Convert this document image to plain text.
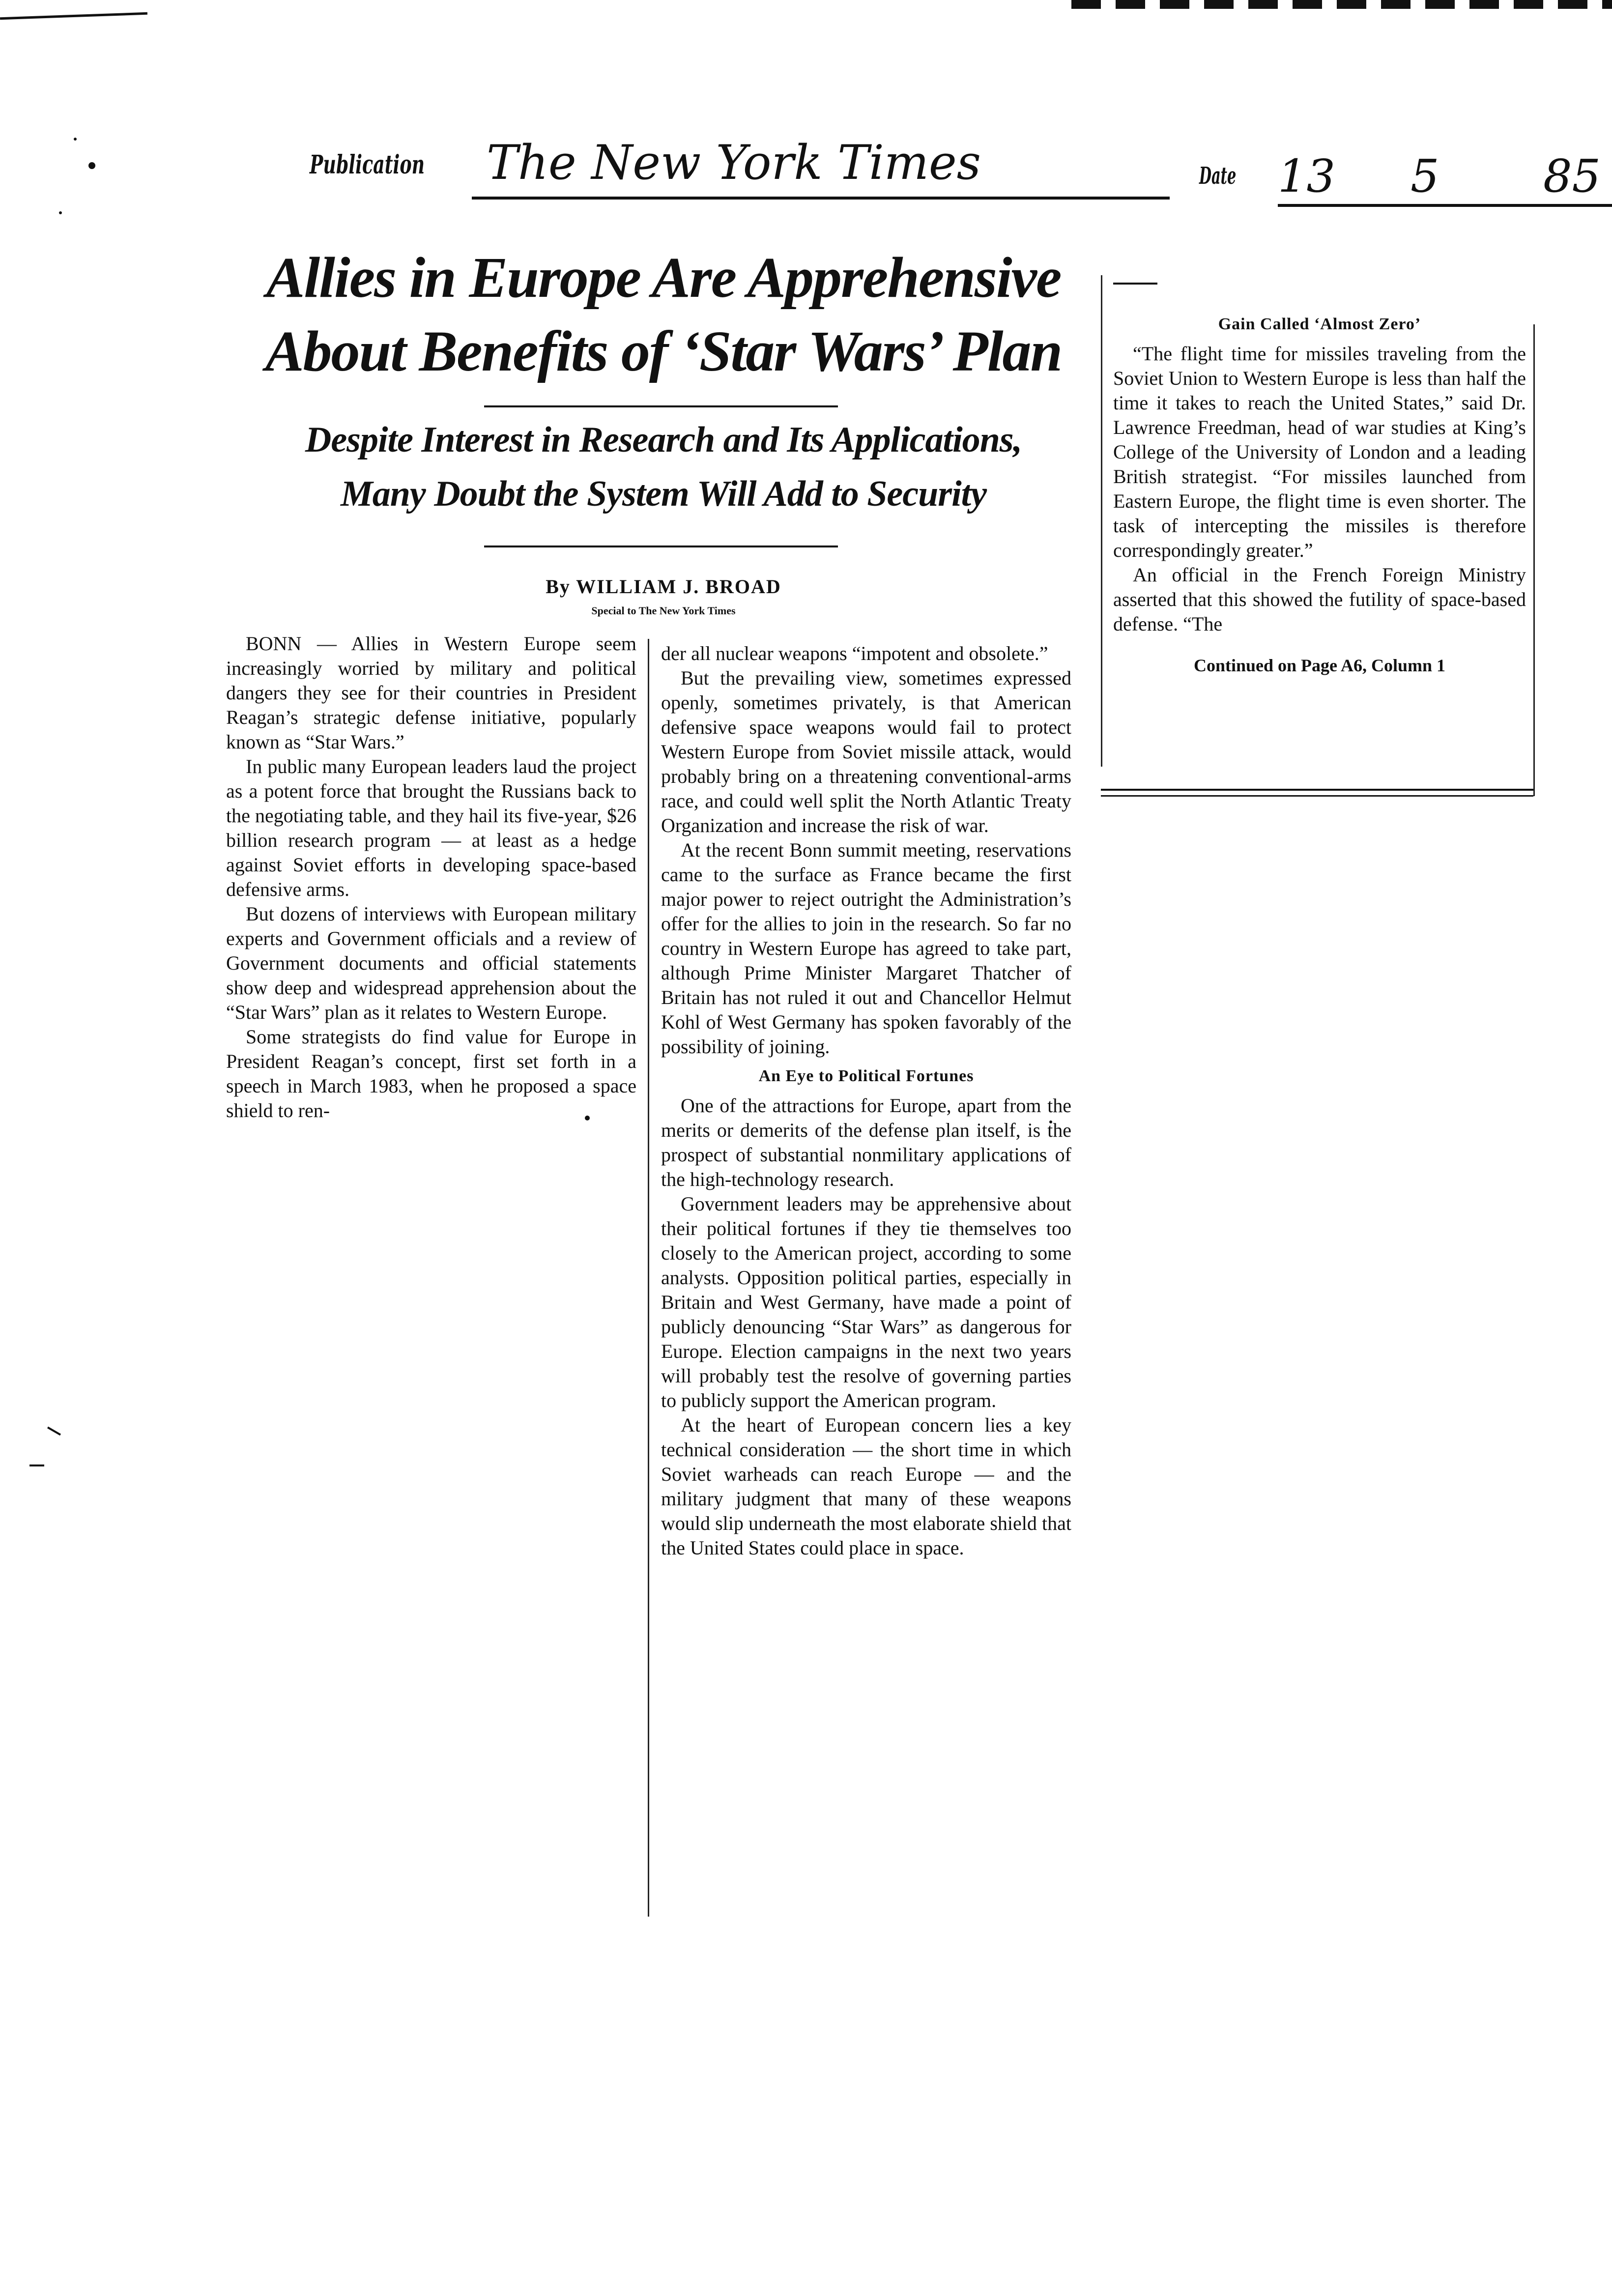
Publication The New York Times	Date 13 5 85
Allies in Europe Are Apprehensive
About Benefits of ‘Star Wars’ Plan
Despite Interest in Research and Its Applications,
Many Doubt the System Will Add to Security
By WILLIAM J. BROAD
Special to The New York Times

BONN — Allies in Western Europe seem increasingly worried by military and political dangers they see for their countries in President Reagan’s strategic defense initiative, popularly known as “Star Wars.”

In public many European leaders laud the project as a potent force that brought the Russians back to the negotiating table, and they hail its five-year, $26 billion research program — at least as a hedge against Soviet efforts in developing space-based defensive arms.

But dozens of interviews with European military experts and Government officials and a review of Government documents and official statements show deep and widespread apprehension about the “Star Wars” plan as it relates to Western Europe.

Some strategists do find value for Europe in President Reagan’s concept, first set forth in a speech in March 1983, when he proposed a space shield to ren-

der all nuclear weapons “impotent and obsolete.”

But the prevailing view, sometimes expressed openly, sometimes privately, is that American defensive space weapons would fail to protect Western Europe from Soviet missile attack, would probably bring on a threatening conventional-arms race, and could well split the North Atlantic Treaty Organization and increase the risk of war.

At the recent Bonn summit meeting, reservations came to the surface as France became the first major power to reject outright the Administration’s offer for the allies to join in the research. So far no country in Western Europe has agreed to take part, although Prime Minister Margaret Thatcher of Britain has not ruled it out and Chancellor Helmut Kohl of West Germany has spoken favorably of the possibility of joining.

An Eye to Political Fortunes

One of the attractions for Europe, apart from the merits or demerits of the defense plan itself, is the prospect of substantial nonmilitary applications of the high-technology research.

Government leaders may be apprehensive about their political fortunes if they tie themselves too closely to the American project, according to some analysts. Opposition political parties, especially in Britain and West Germany, have made a point of publicly denouncing “Star Wars” as dangerous for Europe. Election campaigns in the next two years will probably test the resolve of governing parties to publicly support the American program.

At the heart of European concern lies a key technical consideration — the short time in which Soviet warheads can reach Europe — and the military judgment that many of these weapons would slip underneath the most elaborate shield that the United States could place in space.

Gain Called ‘Almost Zero’

“The flight time for missiles traveling from the Soviet Union to Western Europe is less than half the time it takes to reach the United States,” said Dr. Lawrence Freedman, head of war studies at King’s College of the University of London and a leading British strategist. “For missiles launched from Eastern Europe, the flight time is even shorter. The task of intercepting the missiles is therefore correspondingly greater.”

An official in the French Foreign Ministry asserted that this showed the futility of space-based defense. “The

Continued on Page A6, Column 1
